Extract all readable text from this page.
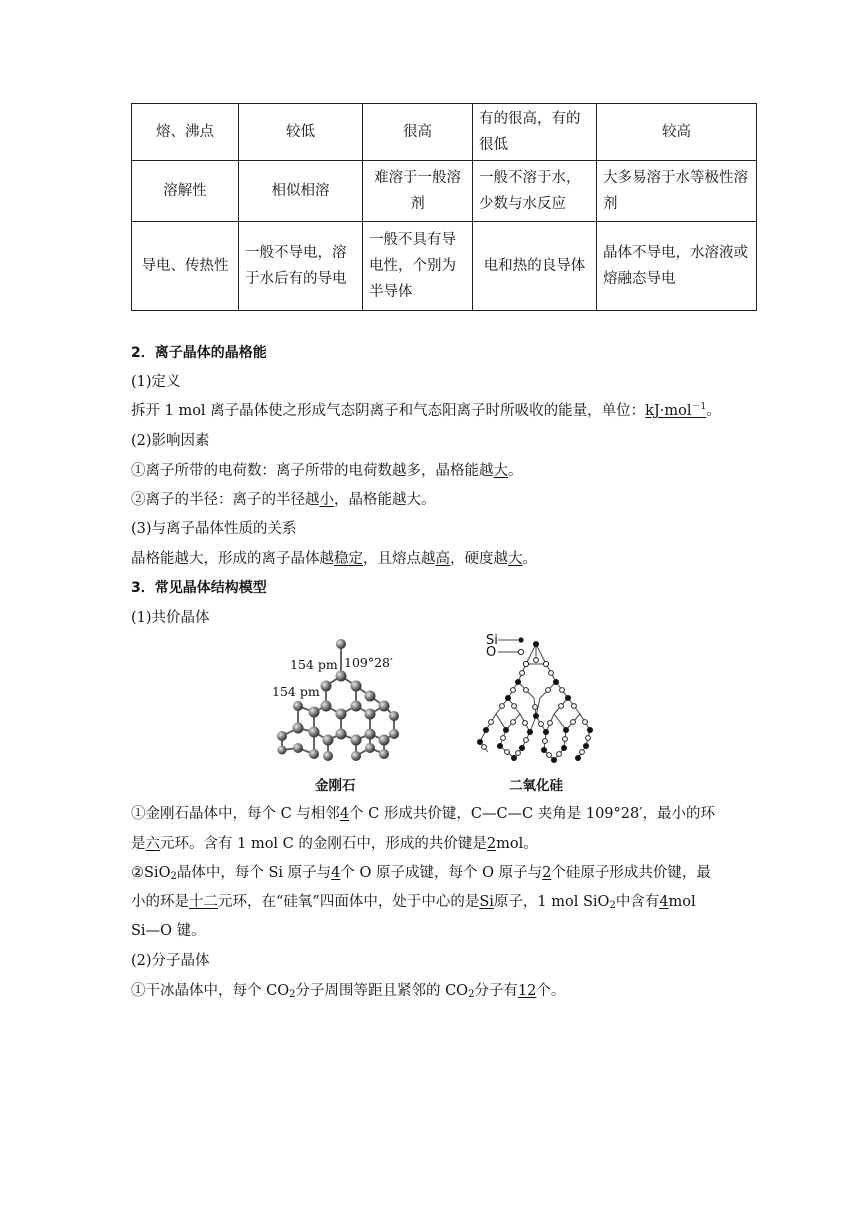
熔、沸点	较低	很高	有的很高，有的很低	较高
溶解性	相似相溶	难溶于一般溶剂	一般不溶于水，少数与水反应	大多易溶于水等极性溶剂
导电、传热性	一般不导电，溶于水后有的导电	一般不具有导电性，个别为半导体	电和热的良导体	晶体不导电，水溶液或熔融态导电
2．离子晶体的晶格能
(1)定义
拆开 1 mol 离子晶体使之形成气态阴离子和气态阳离子时所吸收的能量，单位：kJ·mol$^{-1}$。
(2)影响因素
①离子所带的电荷数：离子所带的电荷数越多，晶格能越大。
②离子的半径：离子的半径越小，晶格能越大。
(3)与离子晶体性质的关系
晶格能越大，形成的离子晶体越稳定，且熔点越高，硬度越大。
3．常见晶体结构模型
(1)共价晶体
154 pm 109°28′
154 pm
金刚石
Si
O
二氧化硅
①金刚石晶体中，每个 C 与相邻4个 C 形成共价键，C—C—C 夹角是 109°28′，最小的环
是六元环。含有 1 mol C 的金刚石中，形成的共价键是2mol。
②SiO$_2$晶体中，每个 Si 原子与4个 O 原子成键，每个 O 原子与2个硅原子形成共价键，最
小的环是十二元环，在“硅氧”四面体中，处于中心的是Si原子，1 mol SiO$_2$中含有4mol
Si—O 键。
(2)分子晶体
①干冰晶体中，每个 $CO_2$分子周围等距且紧邻的 $CO_2$分子有12个。
